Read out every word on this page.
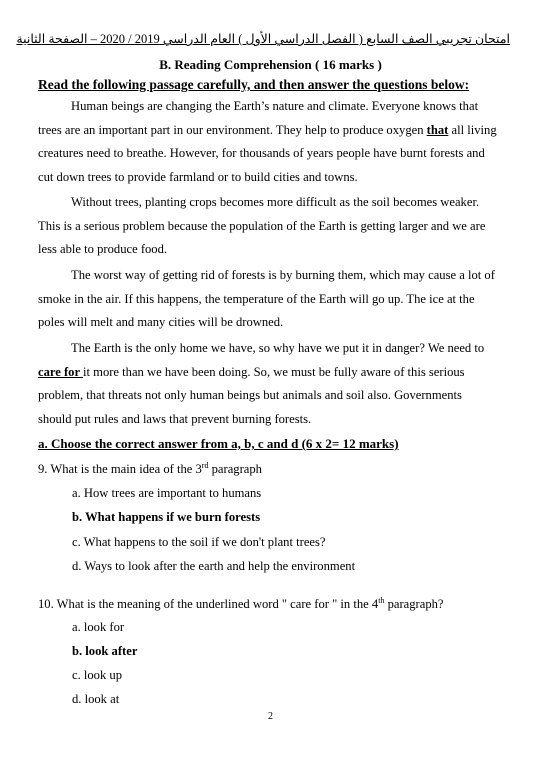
امتحان تجريبي الصف السابع ( الفصل الدراسي الأول ) العام الدراسي 2019 / 2020 – الصفحة الثانية
B. Reading Comprehension ( 16 marks )
Read the following passage carefully, and then answer the questions below:
Human beings are changing the Earth’s nature and climate. Everyone knows that
trees are an important part in our environment. They help to produce oxygen that all living
creatures need to breathe. However, for thousands of years people have burnt forests and
cut down trees to provide farmland or to build cities and towns.
Without trees, planting crops becomes more difficult as the soil becomes weaker.
This is a serious problem because the population of the Earth is getting larger and we are
less able to produce food.
The worst way of getting rid of forests is by burning them, which may cause a lot of
smoke in the air. If this happens, the temperature of the Earth will go up. The ice at the
poles will melt and many cities will be drowned.
The Earth is the only home we have, so why have we put it in danger? We need to
care for it more than we have been doing. So, we must be fully aware of this serious
problem, that threats not only human beings but animals and soil also. Governments
should put rules and laws that prevent burning forests.
a. Choose the correct answer from a, b, c and d (6 x 2= 12 marks)
9. What is the main idea of the 3rd paragraph
a. How trees are important to humans
b. What happens if we burn forests
c. What happens to the soil if we don't plant trees?
d. Ways to look after the earth and help the environment
10. What is the meaning of the underlined word " care for " in the 4th paragraph?
a. look for
b. look after
c. look up
d. look at
2
